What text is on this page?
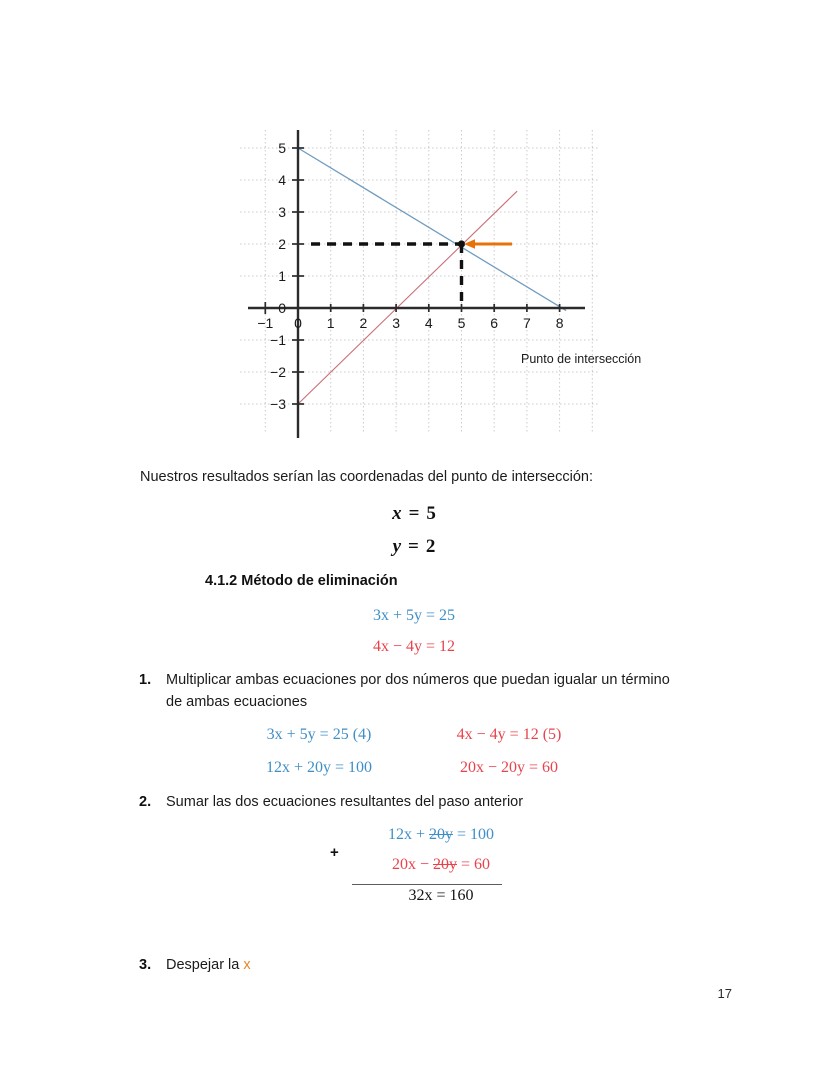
5
4
3
2
1
0
−1
−2
−3
−1 0 1 2 3 4 5 6 7 8
Punto de intersección
Nuestros resultados serían las coordenadas del punto de intersección:
x = 5
y = 2
4.1.2 Método de eliminación
3x + 5y = 25
4x − 4y = 12
1. Multiplicar ambas ecuaciones por dos números que puedan igualar un término de ambas ecuaciones
3x + 5y = 25 (4)	4x − 4y = 12 (5)
12x + 20y = 100	20x − 20y = 60
2. Sumar las dos ecuaciones resultantes del paso anterior
+
12x + 20y = 100
20x − 20y = 60
32x = 160
3. Despejar la x
17
